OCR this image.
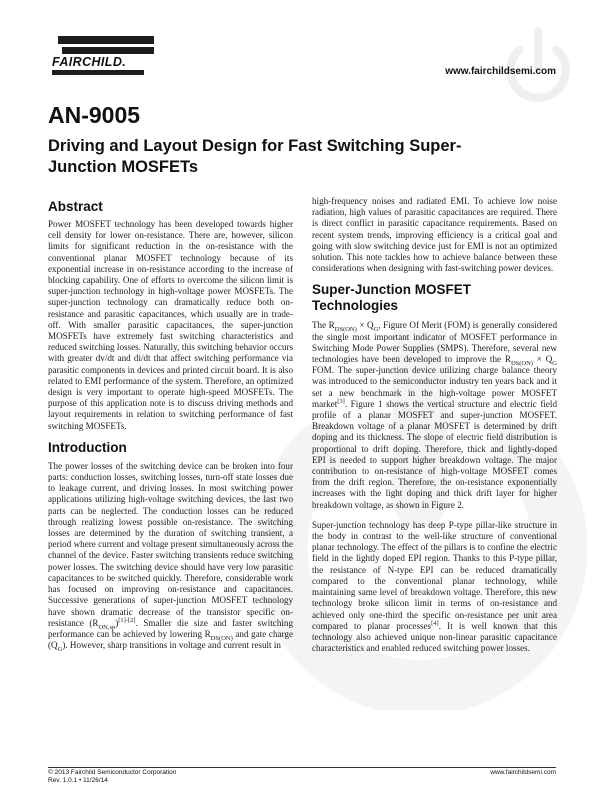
FAIRCHILD.
www.fairchildsemi.com
AN-9005
Driving and Layout Design for Fast Switching Super-Junction MOSFETs
Abstract

Power MOSFET technology has been developed towards higher cell density for lower on-resistance. There are, however, silicon limits for significant reduction in the on-resistance with the conventional planar MOSFET technology because of its exponential increase in on-resistance according to the increase of blocking capability. One of efforts to overcome the silicon limit is super-junction technology in high-voltage power MOSFETs. The super-junction technology can dramatically reduce both on-resistance and parasitic capacitances, which usually are in trade-off. With smaller parasitic capacitances, the super-junction MOSFETs have extremely fast switching characteristics and reduced switching losses. Naturally, this switching behavior occurs with greater dv/dt and di/dt that affect switching performance via parasitic components in devices and printed circuit board. It is also related to EMI performance of the system. Therefore, an optimized design is very important to operate high-speed MOSFETs. The purpose of this application note is to discuss driving methods and layout requirements in relation to switching performance of fast switching MOSFETs.

Introduction

The power losses of the switching device can be broken into four parts: conduction losses, switching losses, turn-off state losses due to leakage current, and driving losses. In most switching power applications utilizing high-voltage switching devices, the last two parts can be neglected. The conduction losses can be reduced through realizing lowest possible on-resistance. The switching losses are determined by the duration of switching transient, a period where current and voltage present simultaneously across the channel of the device. Faster switching transients reduce switching power losses. The switching device should have very low parasitic capacitances to be switched quickly. Therefore, considerable work has focused on improving on-resistance and capacitances. Successive generations of super-junction MOSFET technology have shown dramatic decrease of the transistor specific on-resistance $(R_{ON,sp})[1]-[2]$. Smaller die size and faster switching performance can be achieved by lowering $R_{DS(ON)}$ and gate charge $(Q_G)$. However, sharp transitions in voltage and current result in

high-frequency noises and radiated EMI. To achieve low noise radiation, high values of parasitic capacitances are required. There is direct conflict in parasitic capacitance requirements. Based on recent system trends, improving efficiency is a critical goal and going with slow switching device just for EMI is not an optimized solution. This note tackles how to achieve balance between these considerations when designing with fast-switching power devices.

Super-Junction MOSFET Technologies

The $R_{DS(ON)} \times Q_G$, Figure Of Merit (FOM) is generally considered the single most important indicator of MOSFET performance in Switching Mode Power Supplies (SMPS). Therefore, several new technologies have been developed to improve the $R_{DS(ON)} \times Q_G$ FOM. The super-junction device utilizing charge balance theory was introduced to the semiconductor industry ten years back and it set a new benchmark in the high-voltage power MOSFET market[3]. Figure 1 shows the vertical structure and electric field profile of a planar MOSFET and super-junction MOSFET. Breakdown voltage of a planar MOSFET is determined by drift doping and its thickness. The slope of electric field distribution is proportional to drift doping. Therefore, thick and lightly-doped EPI is needed to support higher breakdown voltage. The major contribution to on-resistance of high-voltage MOSFET comes from the drift region. Therefore, the on-resistance exponentially increases with the light doping and thick drift layer for higher breakdown voltage, as shown in Figure 2.

Super-junction technology has deep P-type pillar-like structure in the body in contrast to the well-like structure of conventional planar technology. The effect of the pillars is to confine the electric field in the lightly doped EPI region. Thanks to this P-type pillar, the resistance of N-type EPI can be reduced dramatically compared to the conventional planar technology, while maintaining same level of breakdown voltage. Therefore, this new technology broke silicon limit in terms of on-resistance and achieved only one-third the specific on-resistance per unit area compared to planar processes[4]. It is well known that this technology also achieved unique non-linear parasitic capacitance characteristics and enabled reduced switching power losses.

© 2013 Fairchild Semiconductor Corporation
Rev. 1.0.1 • 11/26/14
www.fairchildsemi.com
